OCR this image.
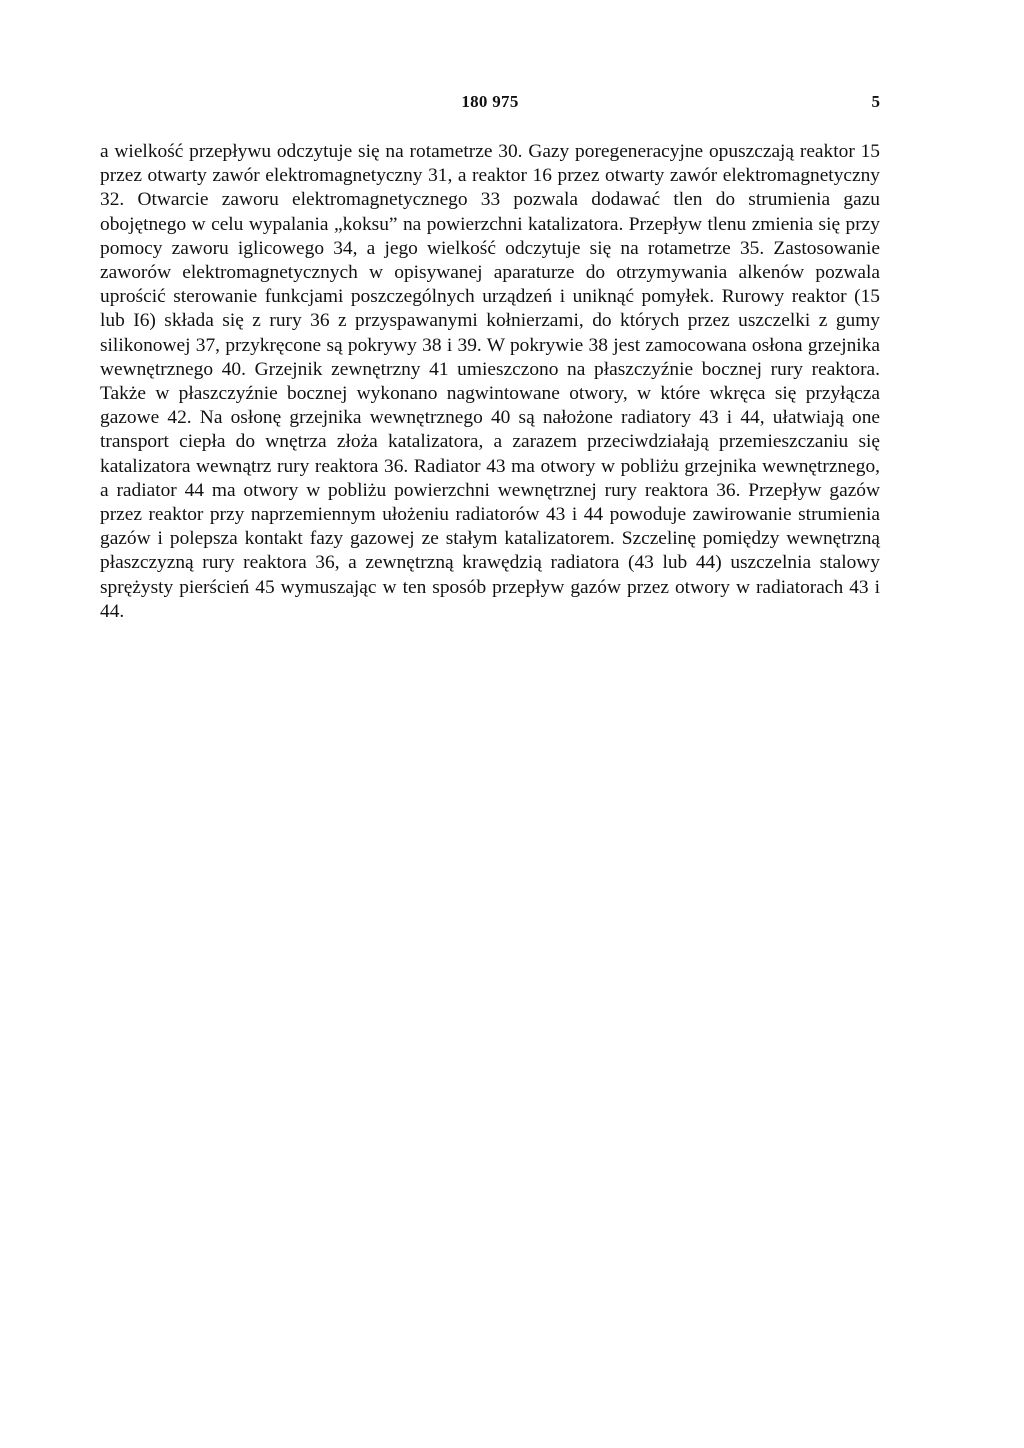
180 975	5

a wielkość przepływu odczytuje się na rotametrze 30. Gazy poregeneracyjne opuszczają reaktor 15 przez otwarty zawór elektromagnetyczny 31, a reaktor 16 przez otwarty zawór elektromagnetyczny 32. Otwarcie zaworu elektromagnetycznego 33 pozwala dodawać tlen do strumienia gazu obojętnego w celu wypalania „koksu” na powierzchni katalizatora. Przepływ tlenu zmienia się przy pomocy zaworu iglicowego 34, a jego wielkość odczytuje się na rotametrze 35. Zastosowanie zaworów elektromagnetycznych w opisywanej aparaturze do otrzymywania alkenów pozwala uprościć sterowanie funkcjami poszczególnych urządzeń i uniknąć pomyłek. Rurowy reaktor (15 lub I6) składa się z rury 36 z przyspawanymi kołnierzami, do których przez uszczelki z gumy silikonowej 37, przykręcone są pokrywy 38 i 39. W pokrywie 38 jest zamocowana osłona grzejnika wewnętrznego 40. Grzejnik zewnętrzny 41 umieszczono na płaszczyźnie bocznej rury reaktora. Także w płaszczyźnie bocznej wykonano nagwintowane otwory, w które wkręca się przyłącza gazowe 42. Na osłonę grzejnika wewnętrznego 40 są nałożone radiatory 43 i 44, ułatwiają one transport ciepła do wnętrza złoża katalizatora, a zarazem przeciwdziałają przemieszczaniu się katalizatora wewnątrz rury reaktora 36. Radiator 43 ma otwory w pobliżu grzejnika wewnętrznego, a radiator 44 ma otwory w pobliżu powierzchni wewnętrznej rury reaktora 36. Przepływ gazów przez reaktor przy naprzemiennym ułożeniu radiatorów 43 i 44 powoduje zawirowanie strumienia gazów i polepsza kontakt fazy gazowej ze stałym katalizatorem. Szczelinę pomiędzy wewnętrzną płaszczyzną rury reaktora 36, a zewnętrzną krawędzią radiatora (43 lub 44) uszczelnia stalowy sprężysty pierścień 45 wymuszając w ten sposób przepływ gazów przez otwory w radiatorach 43 i 44.
